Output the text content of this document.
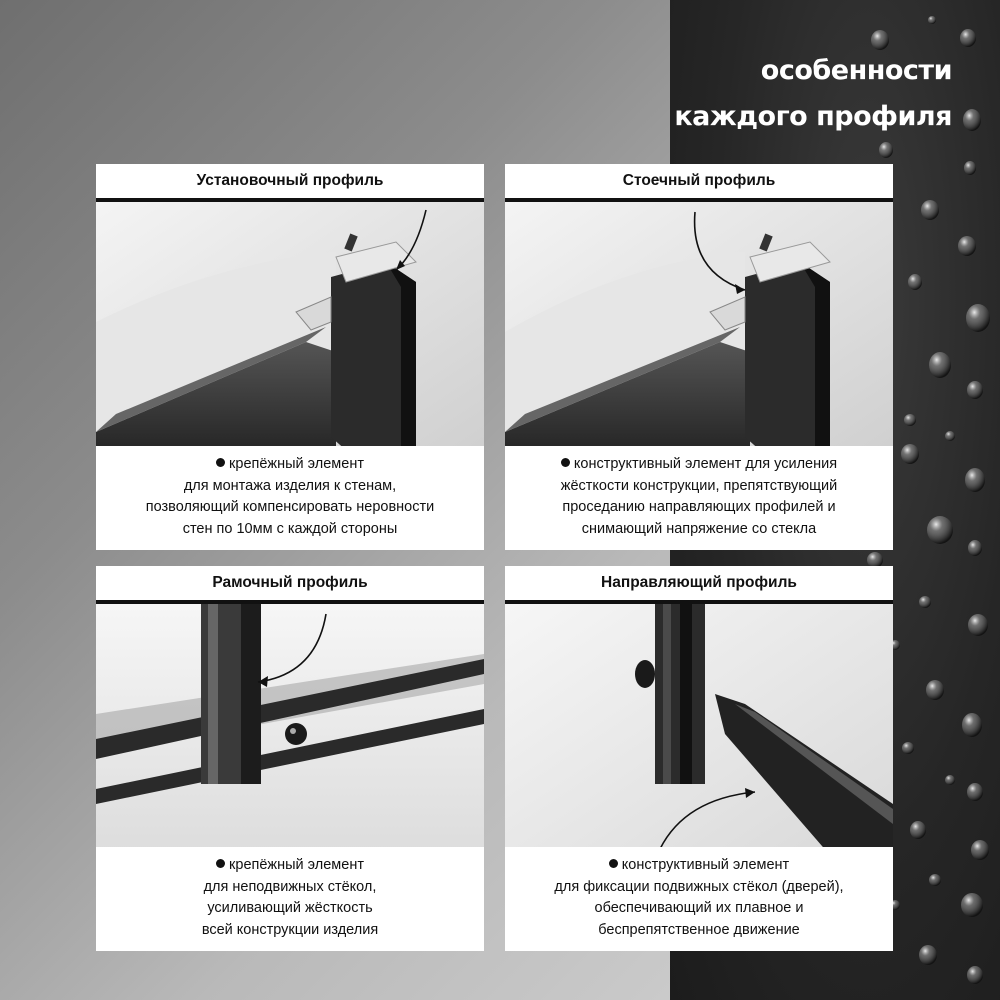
особенности
каждого профиля
Установочный профиль
крепёжный элемент
для монтажа изделия к стенам,
позволяющий компенсировать неровности
стен по 10мм с каждой стороны
Стоечный профиль
конструктивный элемент для усиления
жёсткости конструкции, препятствующий
проседанию направляющих профилей и
снимающий напряжение со стекла
Рамочный профиль
крепёжный элемент
для неподвижных стёкол,
усиливающий жёсткость
всей конструкции изделия
Направляющий профиль
конструктивный элемент
для фиксации подвижных стёкол (дверей),
обеспечивающий их плавное и
беспрепятственное движение
